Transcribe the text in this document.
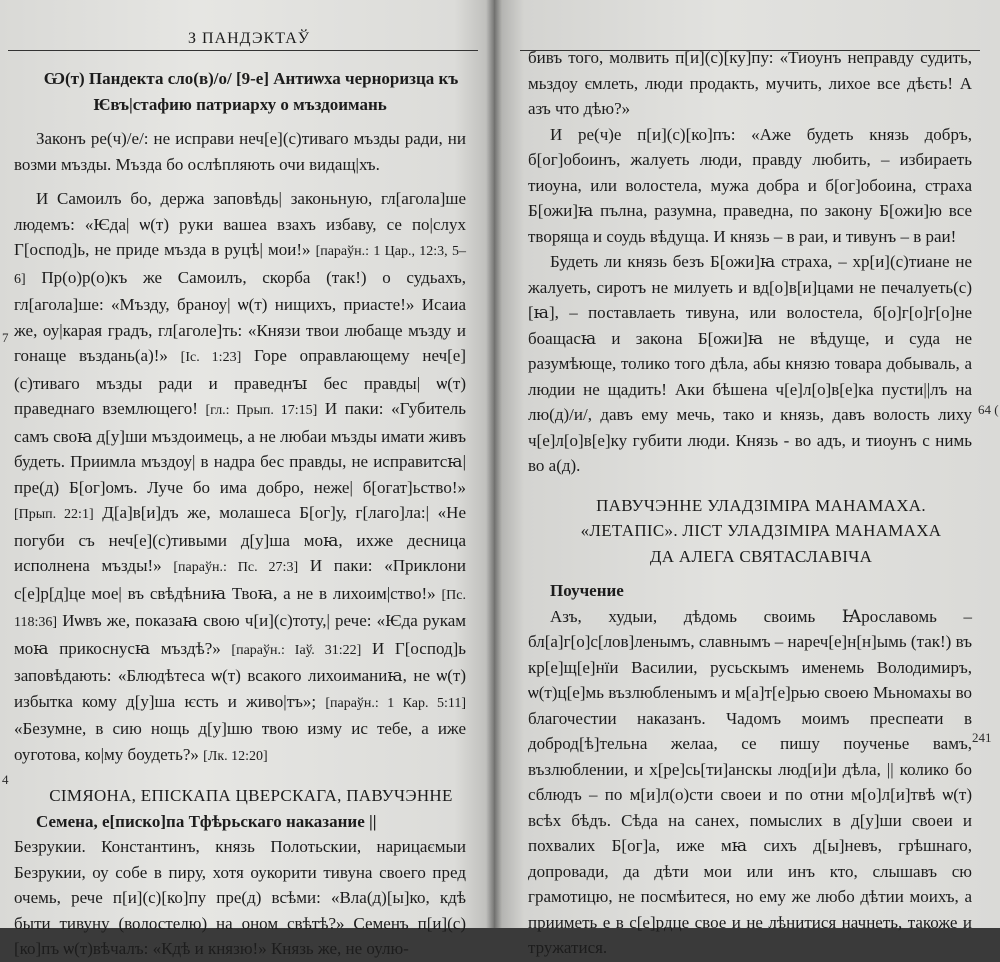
З ПАНДЭКТАЎ

Ѡ(т) Пандекта сло(в)/о/ [9-е] Антиѡха черноризца къ Ѥвъ|стафию патриарху о мъздоимань

Законъ ре(ч)/е/: не исправи неч[е](с)тиваго мъзды ради, ни возми мъзды. Мъзда бо ослѣпляють очи видащ|хъ.

И Самоилъ бо, держа заповѣдь| законьную, гл[агола]ше людемъ: «Ѥда| ѡ(т) руки вашеа взахъ избаву, се по|слух Г[оспод]ь, не приде мъзда в руцѣ| мои!» [параўн.: 1 Цар., 12:3, 5–6] Пр(о)р(о)къ же Самоилъ, скорба (так!) о судьахъ, гл[агола]ше: «Мъзду, браноу| ѡ(т) нищихъ, приасте!» Исаиа же, оу|карая градъ, гл[аголе]ть: «Князи твои любаще мъзду и гонаще въздань(а)!» [Іс. 1:23] Горе оправлающему неч[е](с)тиваго мъзды ради и праведнꙑ бес правды| ѡ(т) праведнаго вземлющего! [гл.: Прып. 17:15] И паки: «Губитель самъ своꙗ д[у]ши мъздоимець, а не любаи мъзды имати живъ будеть. Приимла мъздоу| в надра бес правды, не исправитсꙗ| пре(д) Б[ог]омъ. Луче бо има добро, неже| б[огат]ьство!» [Прып. 22:1] Д[а]в[и]дъ же, молашеса Б[ог]у, г[лаго]ла:| «Не погуби съ неч[е](с)тивыми д[у]ша моꙗ, ихже десница исполнена мъзды!» [параўн.: Пс. 27:3] И паки: «Приклони с[е]р[д]це мое| въ свѣдѣниꙗ Твоꙗ, а не в лихоим|ство!» [Пс. 118:36] Иѡвъ же, показаꙗ свою ч[и](с)тоту,| рече: «Ѥда рукам моꙗ прикоснусꙗ мъздѣ?» [параўн.: Іаў. 31:22] И Г[оспод]ь заповѣдають: «Блюдѣтеса ѡ(т) всакого лихоиманиꙗ, не ѡ(т) избытка кому д[у]ша ѥсть и живо|тъ»; [параўн.: 1 Кар. 5:11] «Безумне, в сию нощь д[у]шю твою изму ис тебе, а иже оуготова, ко|му боудеть?» [Лк. 12:20]

СІМЯОНА, ЕПІСКАПА ЦВЕРСКАГА, ПАВУЧЭННЕ

Семена, е[писко]па Тфѣрьскаго наказание ||

Безрукии. Константинъ, князь Полотьскии, нарицаємыи Безрукии, оу собе в пиру, хотя оукорити тивуна своего пред очемь, рече п[и](с)[ко]пу пре(д) всѣми: «Вла(д)[ы]ко, кдѣ быти тивуну (волостелю) на оном свѣтѣ?» Семенъ п[и](с)[ко]пъ ѡ(т)вѣчалъ: «Кдѣ и князю!» Князь же, не оулю-

7
4

бивъ того, молвить п[и](с)[ку]пу: «Тиоунъ неправду судить, мьздоу ємлеть, люди продакть, мучить, лихое все дѣєть! А азъ что дѣю?»

И ре(ч)е п[и](с)[ко]пъ: «Аже будеть князь добръ, б[ог]обоинъ, жалуеть люди, правду любить, – избираеть тиоуна, или волостела, мужа добра и б[ог]обоина, страха Б[ожи]ꙗ пълна, разумна, праведна, по закону Б[ожи]ю все творяща и соудь вѣдуща. И князь – в раи, и тивунъ – в раи!

Будеть ли князь безъ Б[ожи]ꙗ страха, – хр[и](с)тиане не жалуеть, сиротъ не милуеть и вд[о]в[и]цами не печалуеть(с)[ꙗ], – поставлаеть тивуна, или волостела, б[о]г[о]г[о]не боащасꙗ и закона Б[ожи]ꙗ не вѣдуще, и суда не разумѣюще, толико того дѣла, абы князю товара добываль, а людии не щадить! Аки бѣшена ч[е]л[о]в[е]ка пусти||лъ на лю(д)/и/, давъ ему мечь, тако и князь, давъ волость лиху ч[е]л[о]в[е]ку губити люди. Князь - во адъ, и тиоунъ с нимь во а(д).

ПАВУЧЭННЕ УЛАДЗІМІРА МАНАМАХА.

«ЛЕТАПІС». ЛІСТ УЛАДЗІМІРА МАНАМАХА

ДА АЛЕГА СВЯТАСЛАВІЧА

Поучение

Азъ, худыи, дѣдомь своимь Ꙗрославомь – бл[а]г[о]с[лов]ленымъ, славнымъ – нареч[е]н[н]ымь (так!) въ кр[е]щ[е]нїи Василии, русьскымъ именемь Володимиръ, ѡ(т)ц[е]мь възлюбленымъ и м[а]т[е]рью своею Мьномахы во благочестии наказанъ. Чадомъ моимъ преспеати в доброд[ѣ]тельна желаа, се пишу поученье вамъ, възлюблении, и х[ре]сь[ти]анскы люд[и]и дѣла, || колико бо сблюдъ – по м[и]л(о)сти своеи и по отни м[о]л[и]твѣ ѡ(т) всѣх бѣдъ. Сѣда на санех, помыслих в д[у]ши своеи и похвалих Б[ог]а, иже мꙗ сихъ д[ы]невъ, грѣшнаго, допровади, да дѣти мои или инъ кто, слышавъ сю грамотицю, не посмѣитеся, но ему же любо дѣтии моихъ, а прииметь е в с[е]рдце свое и не лѣнитися начнеть, такоже и тружатися.

64 (
241
